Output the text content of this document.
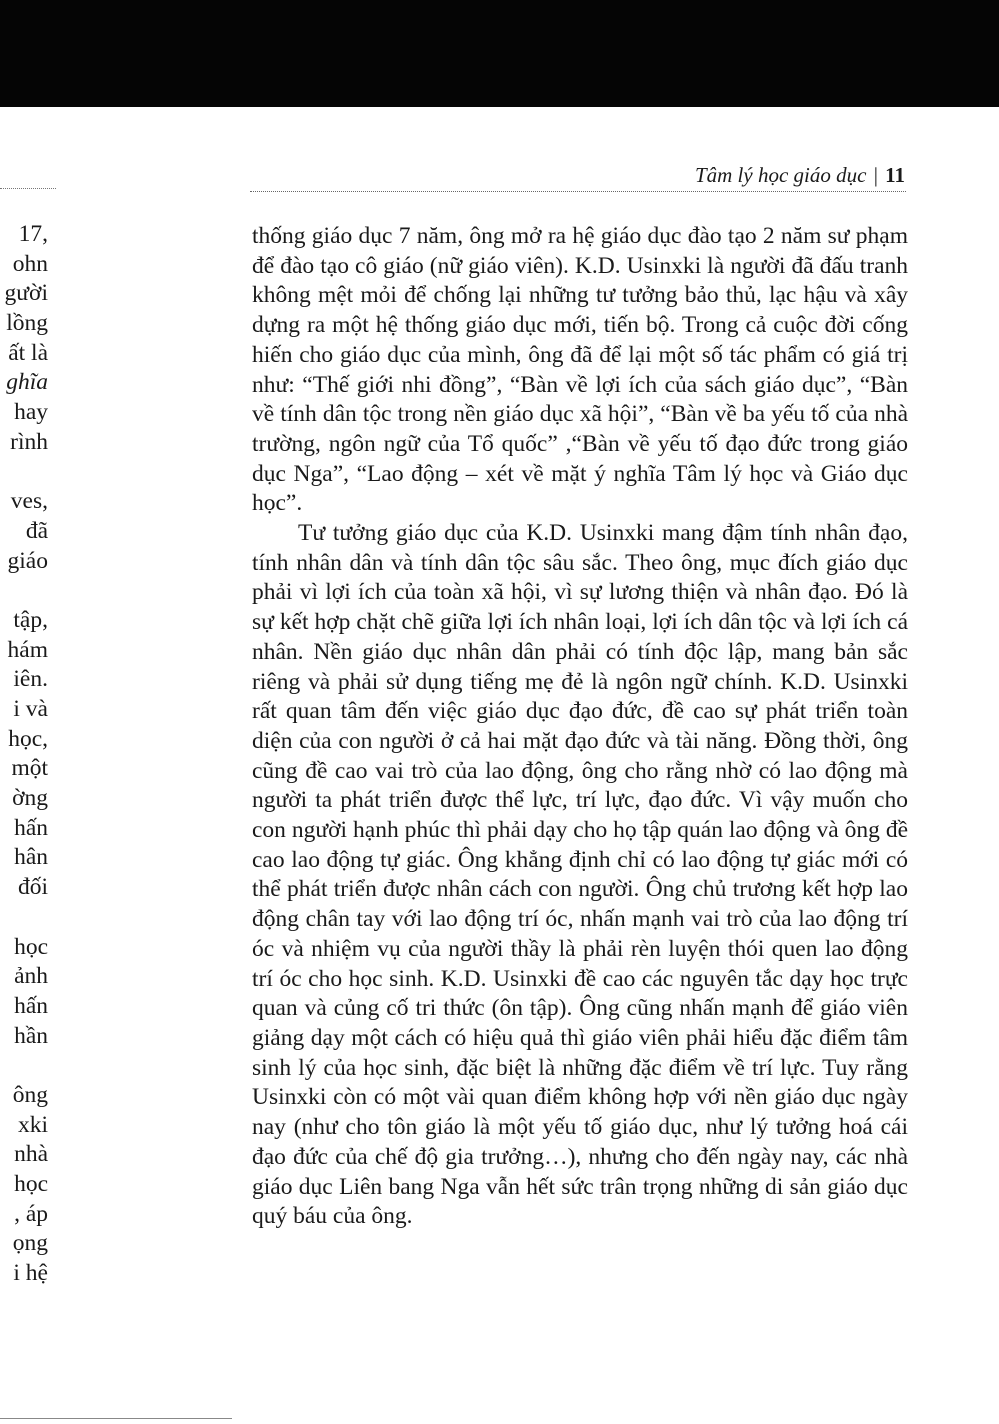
17,
ohn
gười
lồng
ất là
ghĩa
hay
rình
ves,
đã
giáo
tập,
hám
iên.
i và
học,
một
ờng
hấn
hân
đối
học
ảnh
hấn
hần
ông
xki
nhà
học
, áp
ọng
i hệ
Tâm lý học giáo dục | 11

thống giáo dục 7 năm, ông mở ra hệ giáo dục đào tạo 2 năm sư phạm để đào tạo cô giáo (nữ giáo viên). K.D. Usinxki là người đã đấu tranh không mệt mỏi để chống lại những tư tưởng bảo thủ, lạc hậu và xây dựng ra một hệ thống giáo dục mới, tiến bộ. Trong cả cuộc đời cống hiến cho giáo dục của mình, ông đã để lại một số tác phẩm có giá trị như: “Thế giới nhi đồng”, “Bàn về lợi ích của sách giáo dục”, “Bàn về tính dân tộc trong nền giáo dục xã hội”, “Bàn về ba yếu tố của nhà trường, ngôn ngữ của Tổ quốc” ,“Bàn về yếu tố đạo đức trong giáo dục Nga”, “Lao động – xét về mặt ý nghĩa Tâm lý học và Giáo dục học”.

Tư tưởng giáo dục của K.D. Usinxki mang đậm tính nhân đạo, tính nhân dân và tính dân tộc sâu sắc. Theo ông, mục đích giáo dục phải vì lợi ích của toàn xã hội, vì sự lương thiện và nhân đạo. Đó là sự kết hợp chặt chẽ giữa lợi ích nhân loại, lợi ích dân tộc và lợi ích cá nhân. Nền giáo dục nhân dân phải có tính độc lập, mang bản sắc riêng và phải sử dụng tiếng mẹ đẻ là ngôn ngữ chính. K.D. Usinxki rất quan tâm đến việc giáo dục đạo đức, đề cao sự phát triển toàn diện của con người ở cả hai mặt đạo đức và tài năng. Đồng thời, ông cũng đề cao vai trò của lao động, ông cho rằng nhờ có lao động mà người ta phát triển được thể lực, trí lực, đạo đức. Vì vậy muốn cho con người hạnh phúc thì phải dạy cho họ tập quán lao động và ông đề cao lao động tự giác. Ông khẳng định chỉ có lao động tự giác mới có thể phát triển được nhân cách con người. Ông chủ trương kết hợp lao động chân tay với lao động trí óc, nhấn mạnh vai trò của lao động trí óc và nhiệm vụ của người thầy là phải rèn luyện thói quen lao động trí óc cho học sinh. K.D. Usinxki đề cao các nguyên tắc dạy học trực quan và củng cố tri thức (ôn tập). Ông cũng nhấn mạnh để giáo viên giảng dạy một cách có hiệu quả thì giáo viên phải hiểu đặc điểm tâm sinh lý của học sinh, đặc biệt là những đặc điểm về trí lực. Tuy rằng Usinxki còn có một vài quan điểm không hợp với nền giáo dục ngày nay (như cho tôn giáo là một yếu tố giáo dục, như lý tưởng hoá cái đạo đức của chế độ gia trưởng…), nhưng cho đến ngày nay, các nhà giáo dục Liên bang Nga vẫn hết sức trân trọng những di sản giáo dục quý báu của ông.
